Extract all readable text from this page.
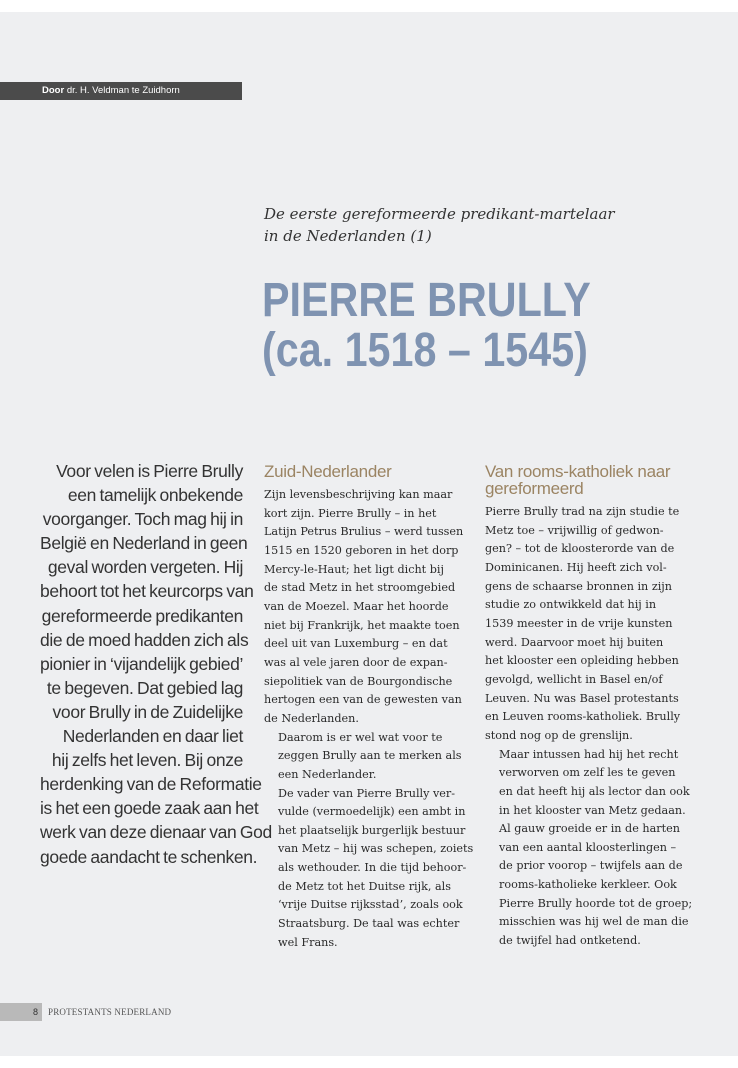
Door dr. H. Veldman te Zuidhorn
De eerste gereformeerde predikant-martelaar
in de Nederlanden (1)
PIERRE BRULLY
(ca. 1518 – 1545)
Voor velen is Pierre Brully
een tamelijk onbekende
voorganger. Toch mag hij in
België en Nederland in geen
geval worden vergeten. Hij
behoort tot het keurcorps van
gereformeerde predikanten
die de moed hadden zich als
pionier in ‘vijandelijk gebied’
te begeven. Dat gebied lag
voor Brully in de Zuidelijke
Nederlanden en daar liet
hij zelfs het leven. Bij onze
herdenking van de Reformatie
is het een goede zaak aan het
werk van deze dienaar van God
goede aandacht te schenken.
Zuid-Nederlander

Zijn levensbeschrijving kan maar
kort zijn. Pierre Brully – in het
Latijn Petrus Brulius – werd tussen
1515 en 1520 geboren in het dorp
Mercy-le-Haut; het ligt dicht bij
de stad Metz in het stroomgebied
van de Moezel. Maar het hoorde
niet bij Frankrijk, het maakte toen
deel uit van Luxemburg – en dat
was al vele jaren door de expan-
siepolitiek van de Bourgondische
hertogen een van de gewesten van
de Nederlanden.

Daarom is er wel wat voor te
zeggen Brully aan te merken als
een Nederlander.

De vader van Pierre Brully ver-
vulde (vermoedelijk) een ambt in
het plaatselijk burgerlijk bestuur
van Metz – hij was schepen, zoiets
als wethouder. In die tijd behoor-
de Metz tot het Duitse rijk, als
‘vrije Duitse rijksstad’, zoals ook
Straatsburg. De taal was echter
wel Frans.

Van rooms-katholiek naar
gereformeerd

Pierre Brully trad na zijn studie te
Metz toe – vrijwillig of gedwon-
gen? – tot de kloosterorde van de
Dominicanen. Hij heeft zich vol-
gens de schaarse bronnen in zijn
studie zo ontwikkeld dat hij in
1539 meester in de vrije kunsten
werd. Daarvoor moet hij buiten
het klooster een opleiding hebben
gevolgd, wellicht in Basel en/of
Leuven. Nu was Basel protestants
en Leuven rooms-katholiek. Brully
stond nog op de grenslijn.

Maar intussen had hij het recht
verworven om zelf les te geven
en dat heeft hij als lector dan ook
in het klooster van Metz gedaan.
Al gauw groeide er in de harten
van een aantal kloosterlingen –
de prior voorop – twijfels aan de
rooms-katholieke kerkleer. Ook
Pierre Brully hoorde tot de groep;
misschien was hij wel de man die
de twijfel had ontketend.

8	PROTESTANTS NEDERLAND
